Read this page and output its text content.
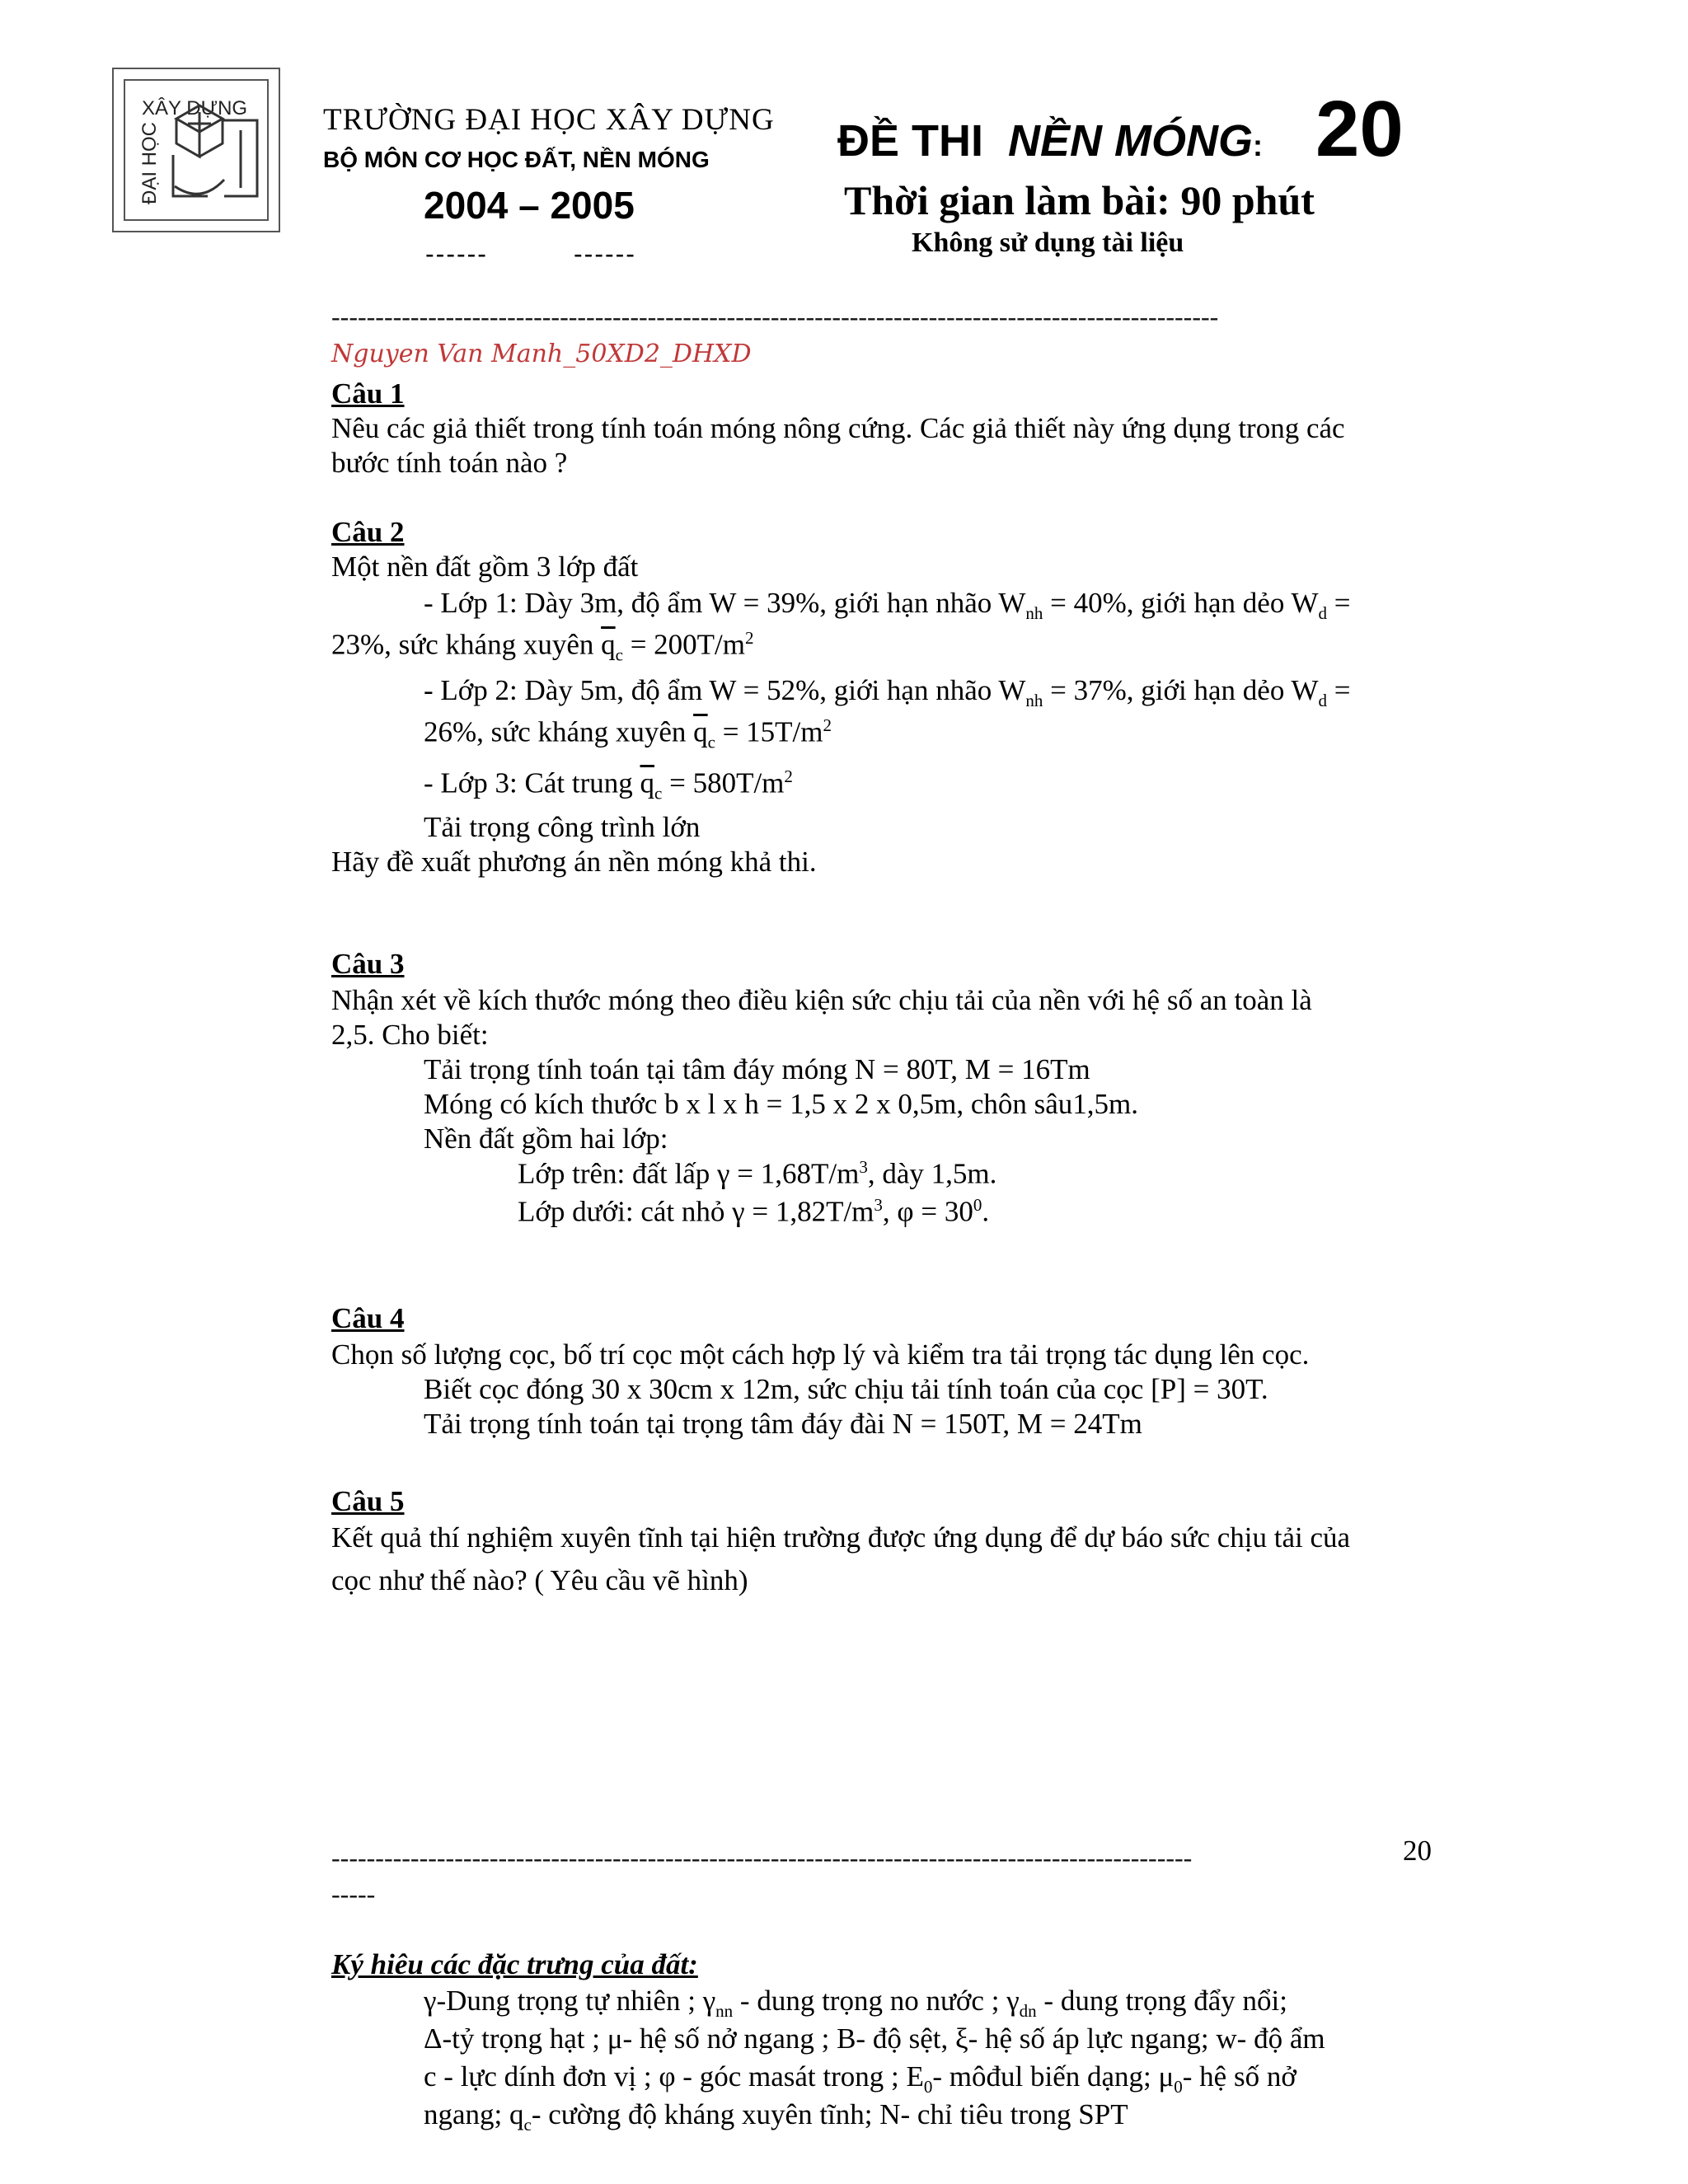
XÂY DỰNG
ĐẠI HỌC
TRƯỜNG ĐẠI HỌC XÂY DỰNG
BỘ MÔN CƠ HỌC ĐẤT, NỀN MÓNG
2004 – 2005
------	------
ĐỀ THI NỀN MÓNG: 20
Thời gian làm bài: 90 phút
Không sử dụng tài liệu
-----------------------------------------------------------------------------------------------------
Nguyen Van Manh_50XD2_DHXD
Câu 1
Nêu các giả thiết trong tính toán móng nông cứng. Các giả thiết này ứng dụng trong các
bước tính toán nào ?
Câu 2
Một nền đất gồm 3 lớp đất
- Lớp 1: Dày 3m, độ ẩm W = 39%, giới hạn nhão $W_{nh} = 40\%$, giới hạn dẻo $W_d$ =
23%, sức kháng xuyên $\overline{q}_c = 200T/m^2$
- Lớp 2: Dày 5m, độ ẩm W = 52%, giới hạn nhão $W_{nh} = 37\%$, giới hạn dẻo $W_d$ =
26%, sức kháng xuyên $\overline{q}_c = 15T/m^2$
- Lớp 3: Cát trung $\overline{q}_c = 580T/m^2$
Tải trọng công trình lớn
Hãy đề xuất phương án nền móng khả thi.
Câu 3
Nhận xét về kích thước móng theo điều kiện sức chịu tải của nền với hệ số an toàn là
2,5. Cho biết:
Tải trọng tính toán tại tâm đáy móng N = 80T, M = 16Tm
Móng có kích thước b x l x h = 1,5 x 2 x 0,5m, chôn sâu1,5m.
Nền đất gồm hai lớp:
Lớp trên: đất lấp $\gamma = 1,68T/m^3$, dày 1,5m.
Lớp dưới: cát nhỏ $\gamma = 1,82T/m^3$, $\varphi = 30^0$.
Câu 4
Chọn số lượng cọc, bố trí cọc một cách hợp lý và kiểm tra tải trọng tác dụng lên cọc.
Biết cọc đóng 30 x 30cm x 12m, sức chịu tải tính toán của cọc [P] = 30T.
Tải trọng tính toán tại trọng tâm đáy đài N = 150T, M = 24Tm
Câu 5
Kết quả thí nghiệm xuyên tĩnh tại hiện trường được ứng dụng để dự báo sức chịu tải của
cọc như thế nào? ( Yêu cầu vẽ hình)
--------------------------------------------------------------------------------------------------	20
-----
Ký hiêu các đặc trưng của đất:
γ-Dung trọng tự nhiên ; $\gamma_{nn}$ - dung trọng no nước ; $\gamma_{dn}$ - dung trọng đẩy nổi;
Δ-tỷ trọng hạt ; μ- hệ số nở ngang ; B- độ sệt, ξ- hệ số áp lực ngang; w- độ ẩm
c - lực dính đơn vị ; φ - góc masát trong ; $E_0-$ môđul biến dạng; $\mu_0-$ hệ số nở
ngang; $q_c-$ cường độ kháng xuyên tĩnh; N- chỉ tiêu trong SPT
